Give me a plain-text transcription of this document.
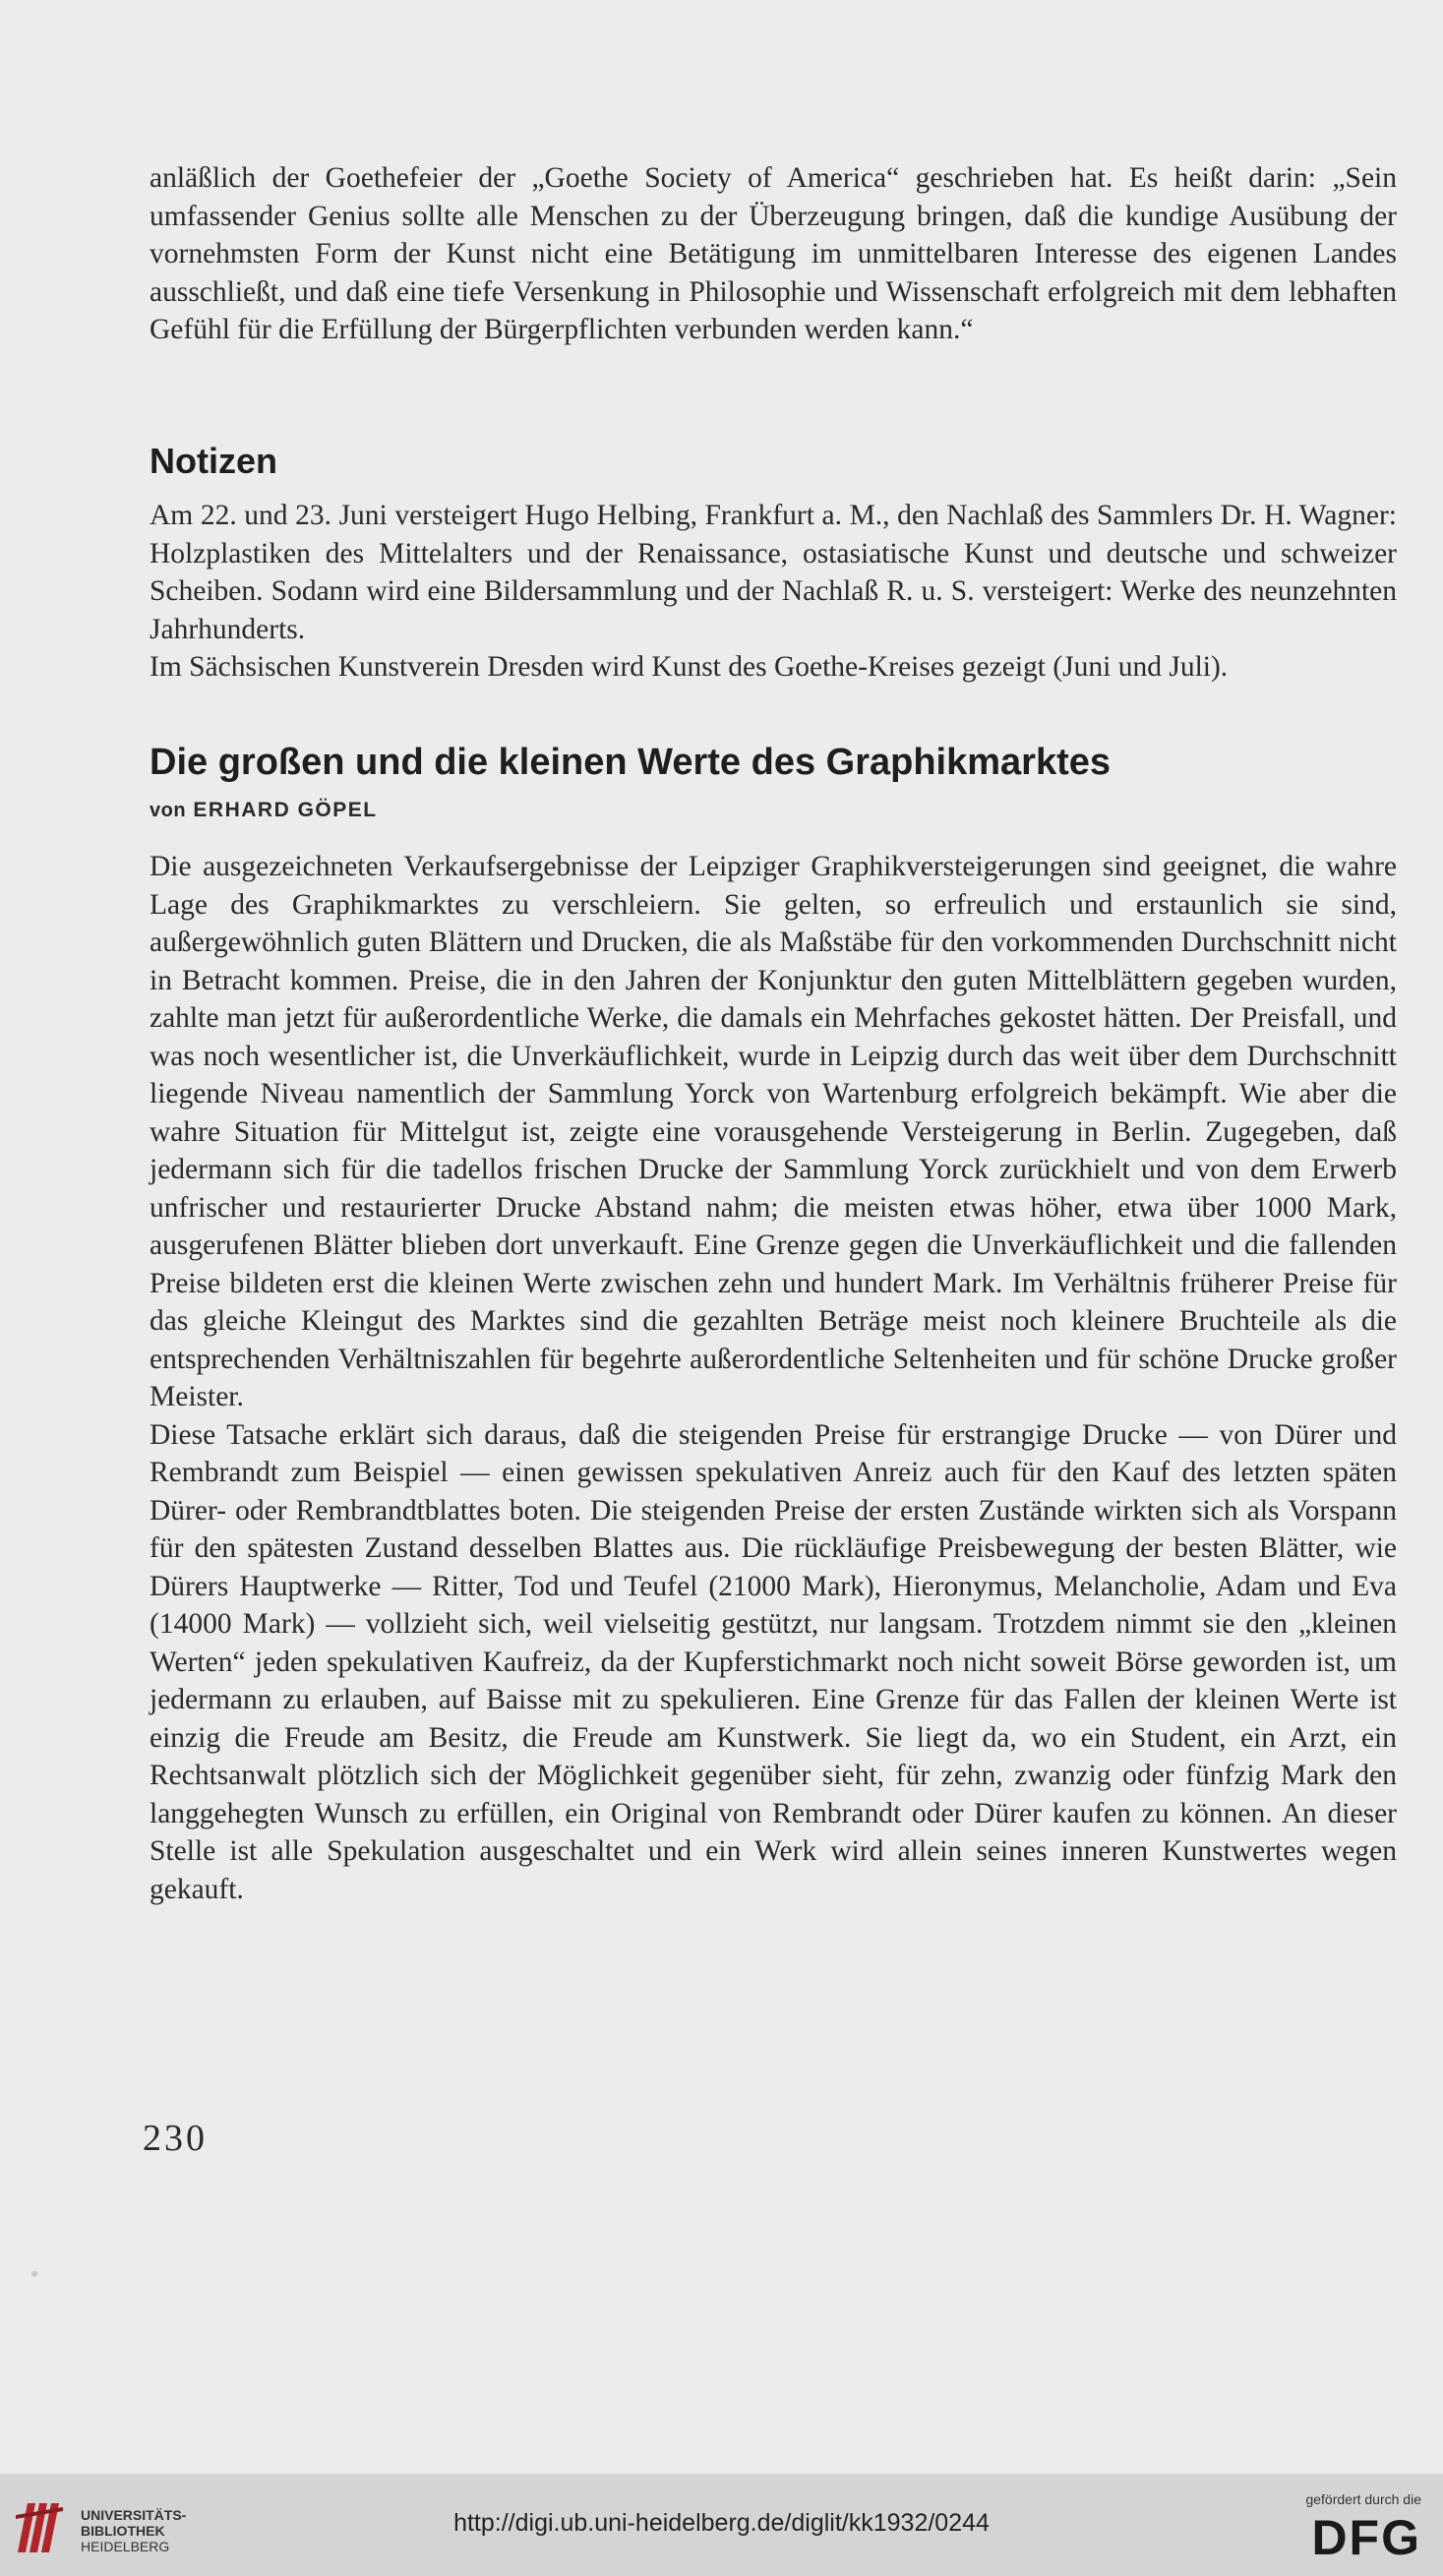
anläßlich der Goethefeier der „Goethe Society of America“ geschrieben hat. Es heißt darin: „Sein umfassender Genius sollte alle Menschen zu der Überzeugung bringen, daß die kundige Ausübung der vornehmsten Form der Kunst nicht eine Betätigung im unmittelbaren Interesse des eigenen Landes ausschließt, und daß eine tiefe Versenkung in Philosophie und Wissenschaft erfolgreich mit dem lebhaften Gefühl für die Erfüllung der Bürgerpflichten verbunden werden kann.“

Notizen

Am 22. und 23. Juni versteigert Hugo Helbing, Frankfurt a. M., den Nachlaß des Sammlers Dr. H. Wagner: Holzplastiken des Mittelalters und der Renaissance, ostasiatische Kunst und deutsche und schweizer Scheiben. Sodann wird eine Bildersammlung und der Nachlaß R. u. S. versteigert: Werke des neunzehnten Jahrhunderts.

Im Sächsischen Kunstverein Dresden wird Kunst des Goethe-Kreises gezeigt (Juni und Juli).

Die großen und die kleinen Werte des Graphikmarktes
von ERHARD GÖPEL

Die ausgezeichneten Verkaufsergebnisse der Leipziger Graphikversteigerungen sind geeignet, die wahre Lage des Graphikmarktes zu verschleiern. Sie gelten, so erfreulich und erstaunlich sie sind, außergewöhnlich guten Blättern und Drucken, die als Maßstäbe für den vorkommenden Durchschnitt nicht in Betracht kommen. Preise, die in den Jahren der Konjunktur den guten Mittelblättern gegeben wurden, zahlte man jetzt für außerordentliche Werke, die damals ein Mehrfaches gekostet hätten. Der Preisfall, und was noch wesentlicher ist, die Unverkäuflichkeit, wurde in Leipzig durch das weit über dem Durchschnitt liegende Niveau namentlich der Sammlung Yorck von Wartenburg erfolgreich bekämpft. Wie aber die wahre Situation für Mittelgut ist, zeigte eine vorausgehende Versteigerung in Berlin. Zugegeben, daß jedermann sich für die tadellos frischen Drucke der Sammlung Yorck zurückhielt und von dem Erwerb unfrischer und restaurierter Drucke Abstand nahm; die meisten etwas höher, etwa über 1000 Mark, ausgerufenen Blätter blieben dort unverkauft. Eine Grenze gegen die Unverkäuflichkeit und die fallenden Preise bildeten erst die kleinen Werte zwischen zehn und hundert Mark. Im Verhältnis früherer Preise für das gleiche Kleingut des Marktes sind die gezahlten Beträge meist noch kleinere Bruchteile als die entsprechenden Verhältniszahlen für begehrte außerordentliche Seltenheiten und für schöne Drucke großer Meister.

Diese Tatsache erklärt sich daraus, daß die steigenden Preise für erstrangige Drucke — von Dürer und Rembrandt zum Beispiel — einen gewissen spekulativen Anreiz auch für den Kauf des letzten späten Dürer- oder Rembrandtblattes boten. Die steigenden Preise der ersten Zustände wirkten sich als Vorspann für den spätesten Zustand desselben Blattes aus. Die rückläufige Preisbewegung der besten Blätter, wie Dürers Hauptwerke — Ritter, Tod und Teufel (21000 Mark), Hieronymus, Melancholie, Adam und Eva (14000 Mark) — vollzieht sich, weil vielseitig gestützt, nur langsam. Trotzdem nimmt sie den „kleinen Werten“ jeden spekulativen Kaufreiz, da der Kupferstichmarkt noch nicht soweit Börse geworden ist, um jedermann zu erlauben, auf Baisse mit zu spekulieren. Eine Grenze für das Fallen der kleinen Werte ist einzig die Freude am Besitz, die Freude am Kunstwerk. Sie liegt da, wo ein Student, ein Arzt, ein Rechtsanwalt plötzlich sich der Möglichkeit gegenüber sieht, für zehn, zwanzig oder fünfzig Mark den langgehegten Wunsch zu erfüllen, ein Original von Rembrandt oder Dürer kaufen zu können. An dieser Stelle ist alle Spekulation ausgeschaltet und ein Werk wird allein seines inneren Kunstwertes wegen gekauft.

230
UNIVERSITÄTS-
BIBLIOTHEK
HEIDELBERG
http://digi.ub.uni-heidelberg.de/diglit/kk1932/0244
gefördert durch die
DFG
